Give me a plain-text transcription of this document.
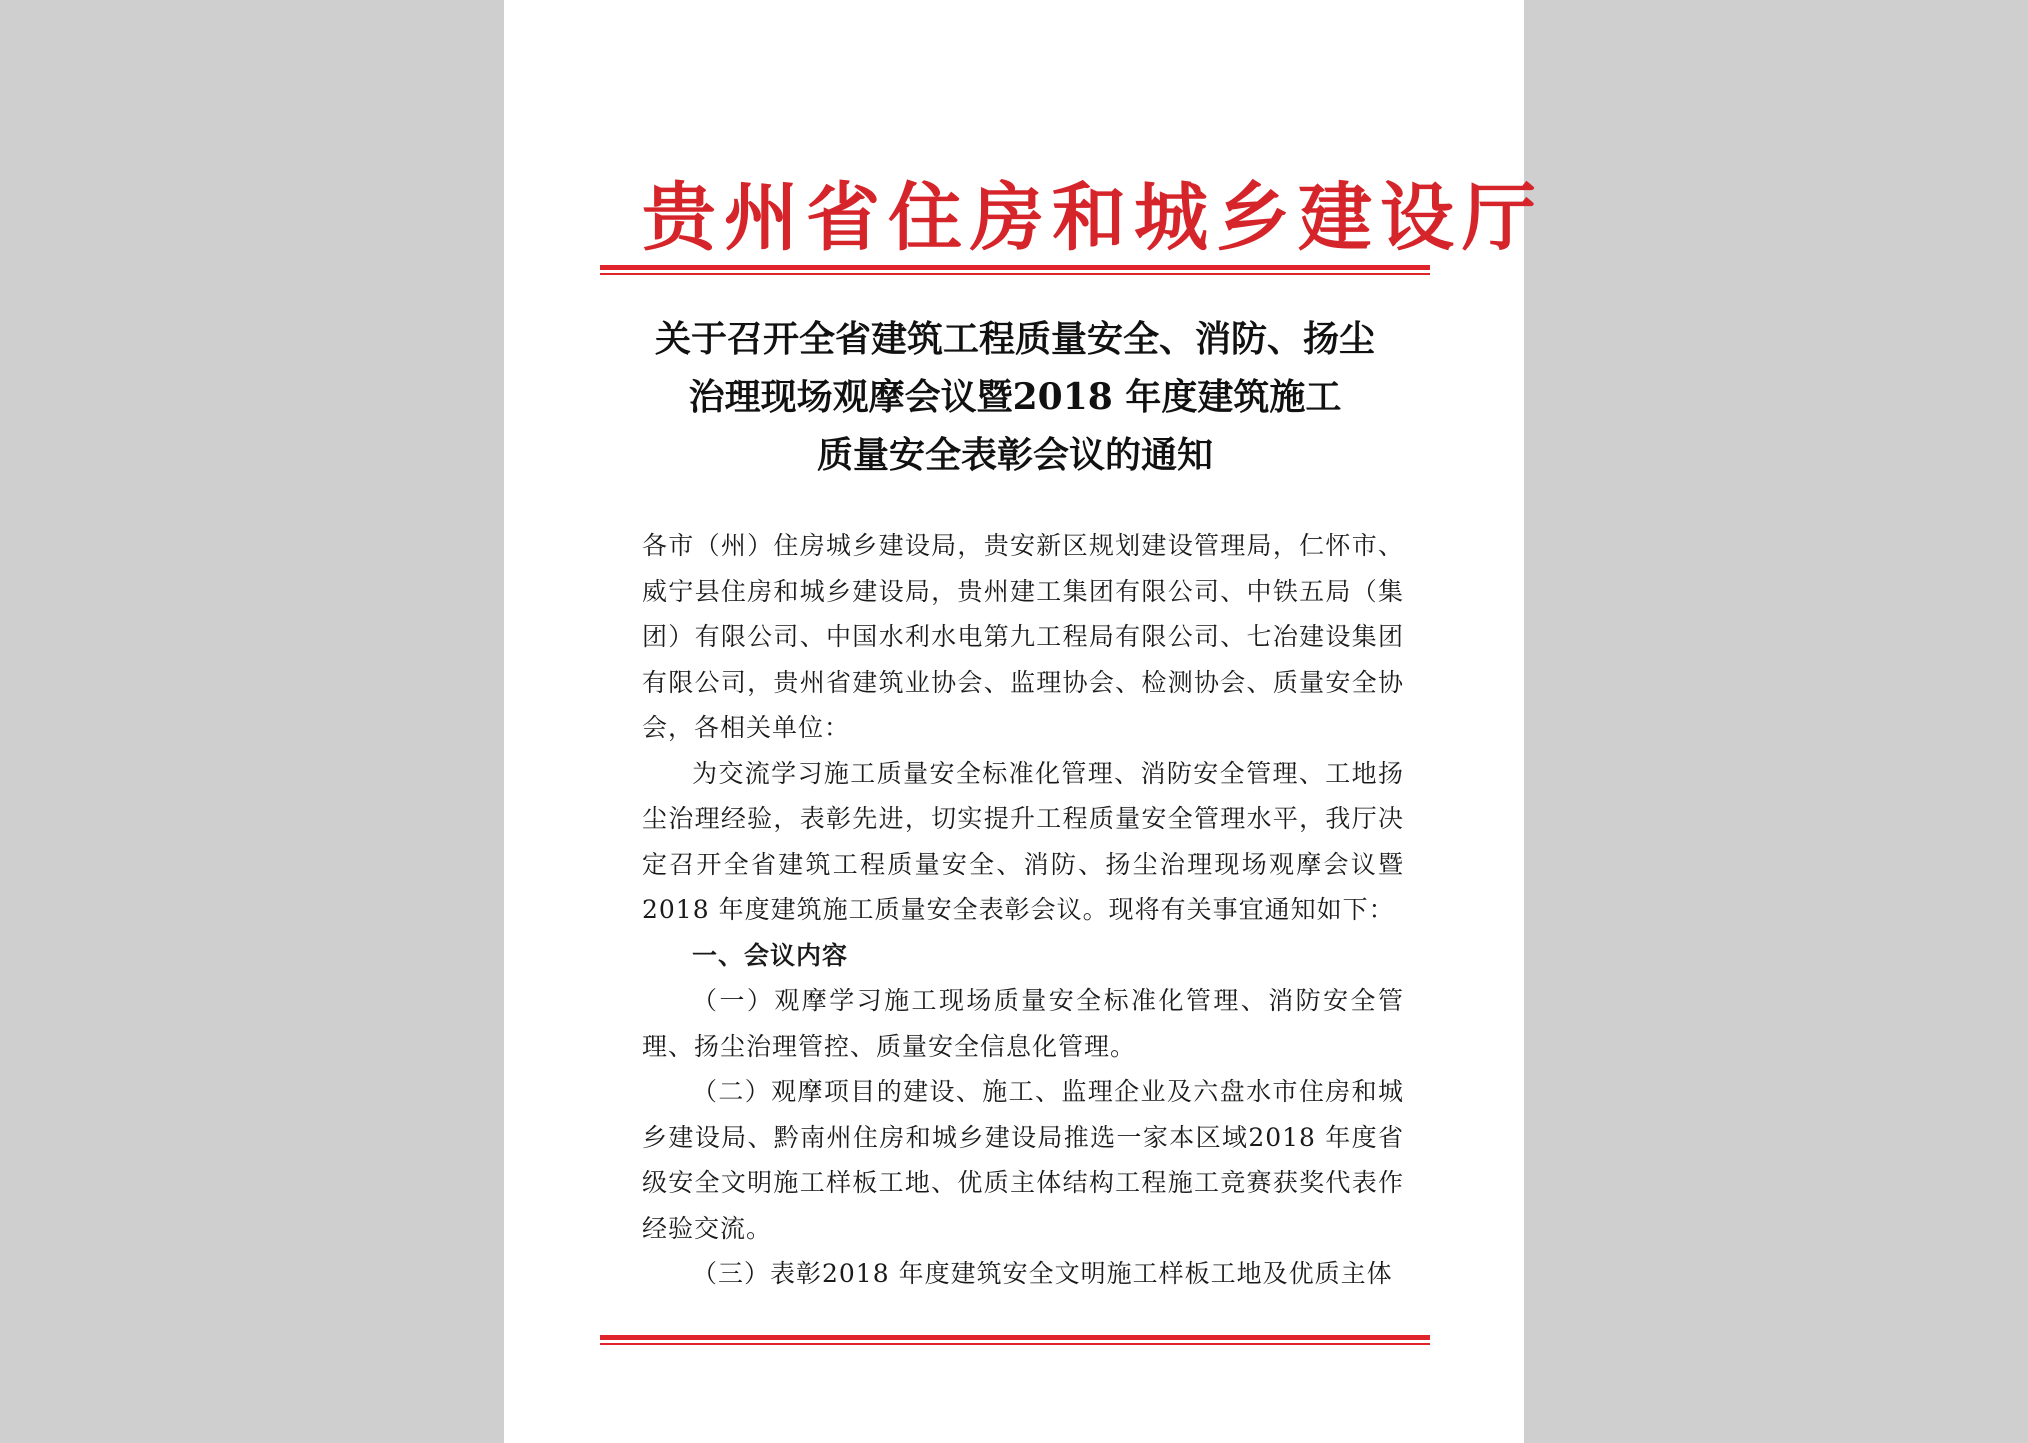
贵州省住房和城乡建设厅
关于召开全省建筑工程质量安全、消防、扬尘
治理现场观摩会议暨2018 年度建筑施工
质量安全表彰会议的通知

各市（州）住房城乡建设局，贵安新区规划建设管理局，仁怀市、威宁县住房和城乡建设局，贵州建工集团有限公司、中铁五局（集团）有限公司、中国水利水电第九工程局有限公司、七冶建设集团有限公司，贵州省建筑业协会、监理协会、检测协会、质量安全协会，各相关单位：

为交流学习施工质量安全标准化管理、消防安全管理、工地扬尘治理经验，表彰先进，切实提升工程质量安全管理水平，我厅决定召开全省建筑工程质量安全、消防、扬尘治理现场观摩会议暨2018 年度建筑施工质量安全表彰会议。现将有关事宜通知如下：

一、会议内容

（一）观摩学习施工现场质量安全标准化管理、消防安全管理、扬尘治理管控、质量安全信息化管理。

（二）观摩项目的建设、施工、监理企业及六盘水市住房和城乡建设局、黔南州住房和城乡建设局推选一家本区域2018 年度省级安全文明施工样板工地、优质主体结构工程施工竞赛获奖代表作经验交流。

（三）表彰2018 年度建筑安全文明施工样板工地及优质主体
